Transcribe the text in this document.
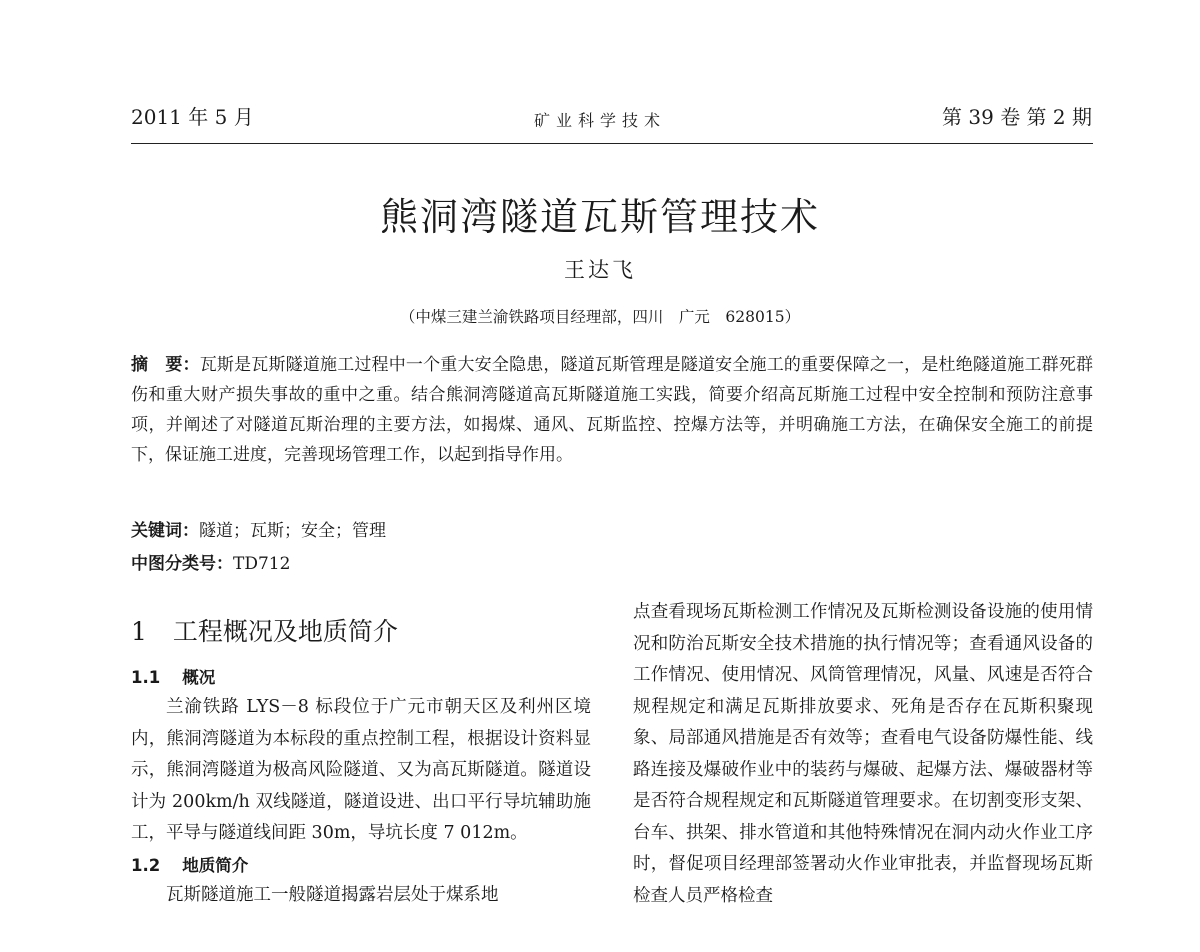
2011 年 5 月	矿业科学技术	第 39 卷 第 2 期
熊洞湾隧道瓦斯管理技术
王达飞
（中煤三建兰渝铁路项目经理部，四川　广元　628015）
摘　要：瓦斯是瓦斯隧道施工过程中一个重大安全隐患，隧道瓦斯管理是隧道安全施工的重要保障之一，是杜绝隧道施工群死群伤和重大财产损失事故的重中之重。结合熊洞湾隧道高瓦斯隧道施工实践，简要介绍高瓦斯施工过程中安全控制和预防注意事项，并阐述了对隧道瓦斯治理的主要方法，如揭煤、通风、瓦斯监控、控爆方法等，并明确施工方法，在确保安全施工的前提下，保证施工进度，完善现场管理工作，以起到指导作用。
关键词：隧道；瓦斯；安全；管理
中图分类号：TD712
1 工程概况及地质简介
1.1 概况

兰渝铁路 LYS－8 标段位于广元市朝天区及利州区境内，熊洞湾隧道为本标段的重点控制工程，根据设计资料显示，熊洞湾隧道为极高风险隧道、又为高瓦斯隧道。隧道设计为 200km/h 双线隧道，隧道设进、出口平行导坑辅助施工，平导与隧道线间距 30m，导坑长度 7 012m。

1.2 地质简介

瓦斯隧道施工一般隧道揭露岩层处于煤系地

点查看现场瓦斯检测工作情况及瓦斯检测设备设施的使用情况和防治瓦斯安全技术措施的执行情况等；查看通风设备的工作情况、使用情况、风筒管理情况，风量、风速是否符合规程规定和满足瓦斯排放要求、死角是否存在瓦斯积聚现象、局部通风措施是否有效等；查看电气设备防爆性能、线路连接及爆破作业中的装药与爆破、起爆方法、爆破器材等是否符合规程规定和瓦斯隧道管理要求。在切割变形支架、台车、拱架、排水管道和其他特殊情况在洞内动火作业工序时，督促项目经理部签署动火作业审批表，并监督现场瓦斯检查人员严格检查
